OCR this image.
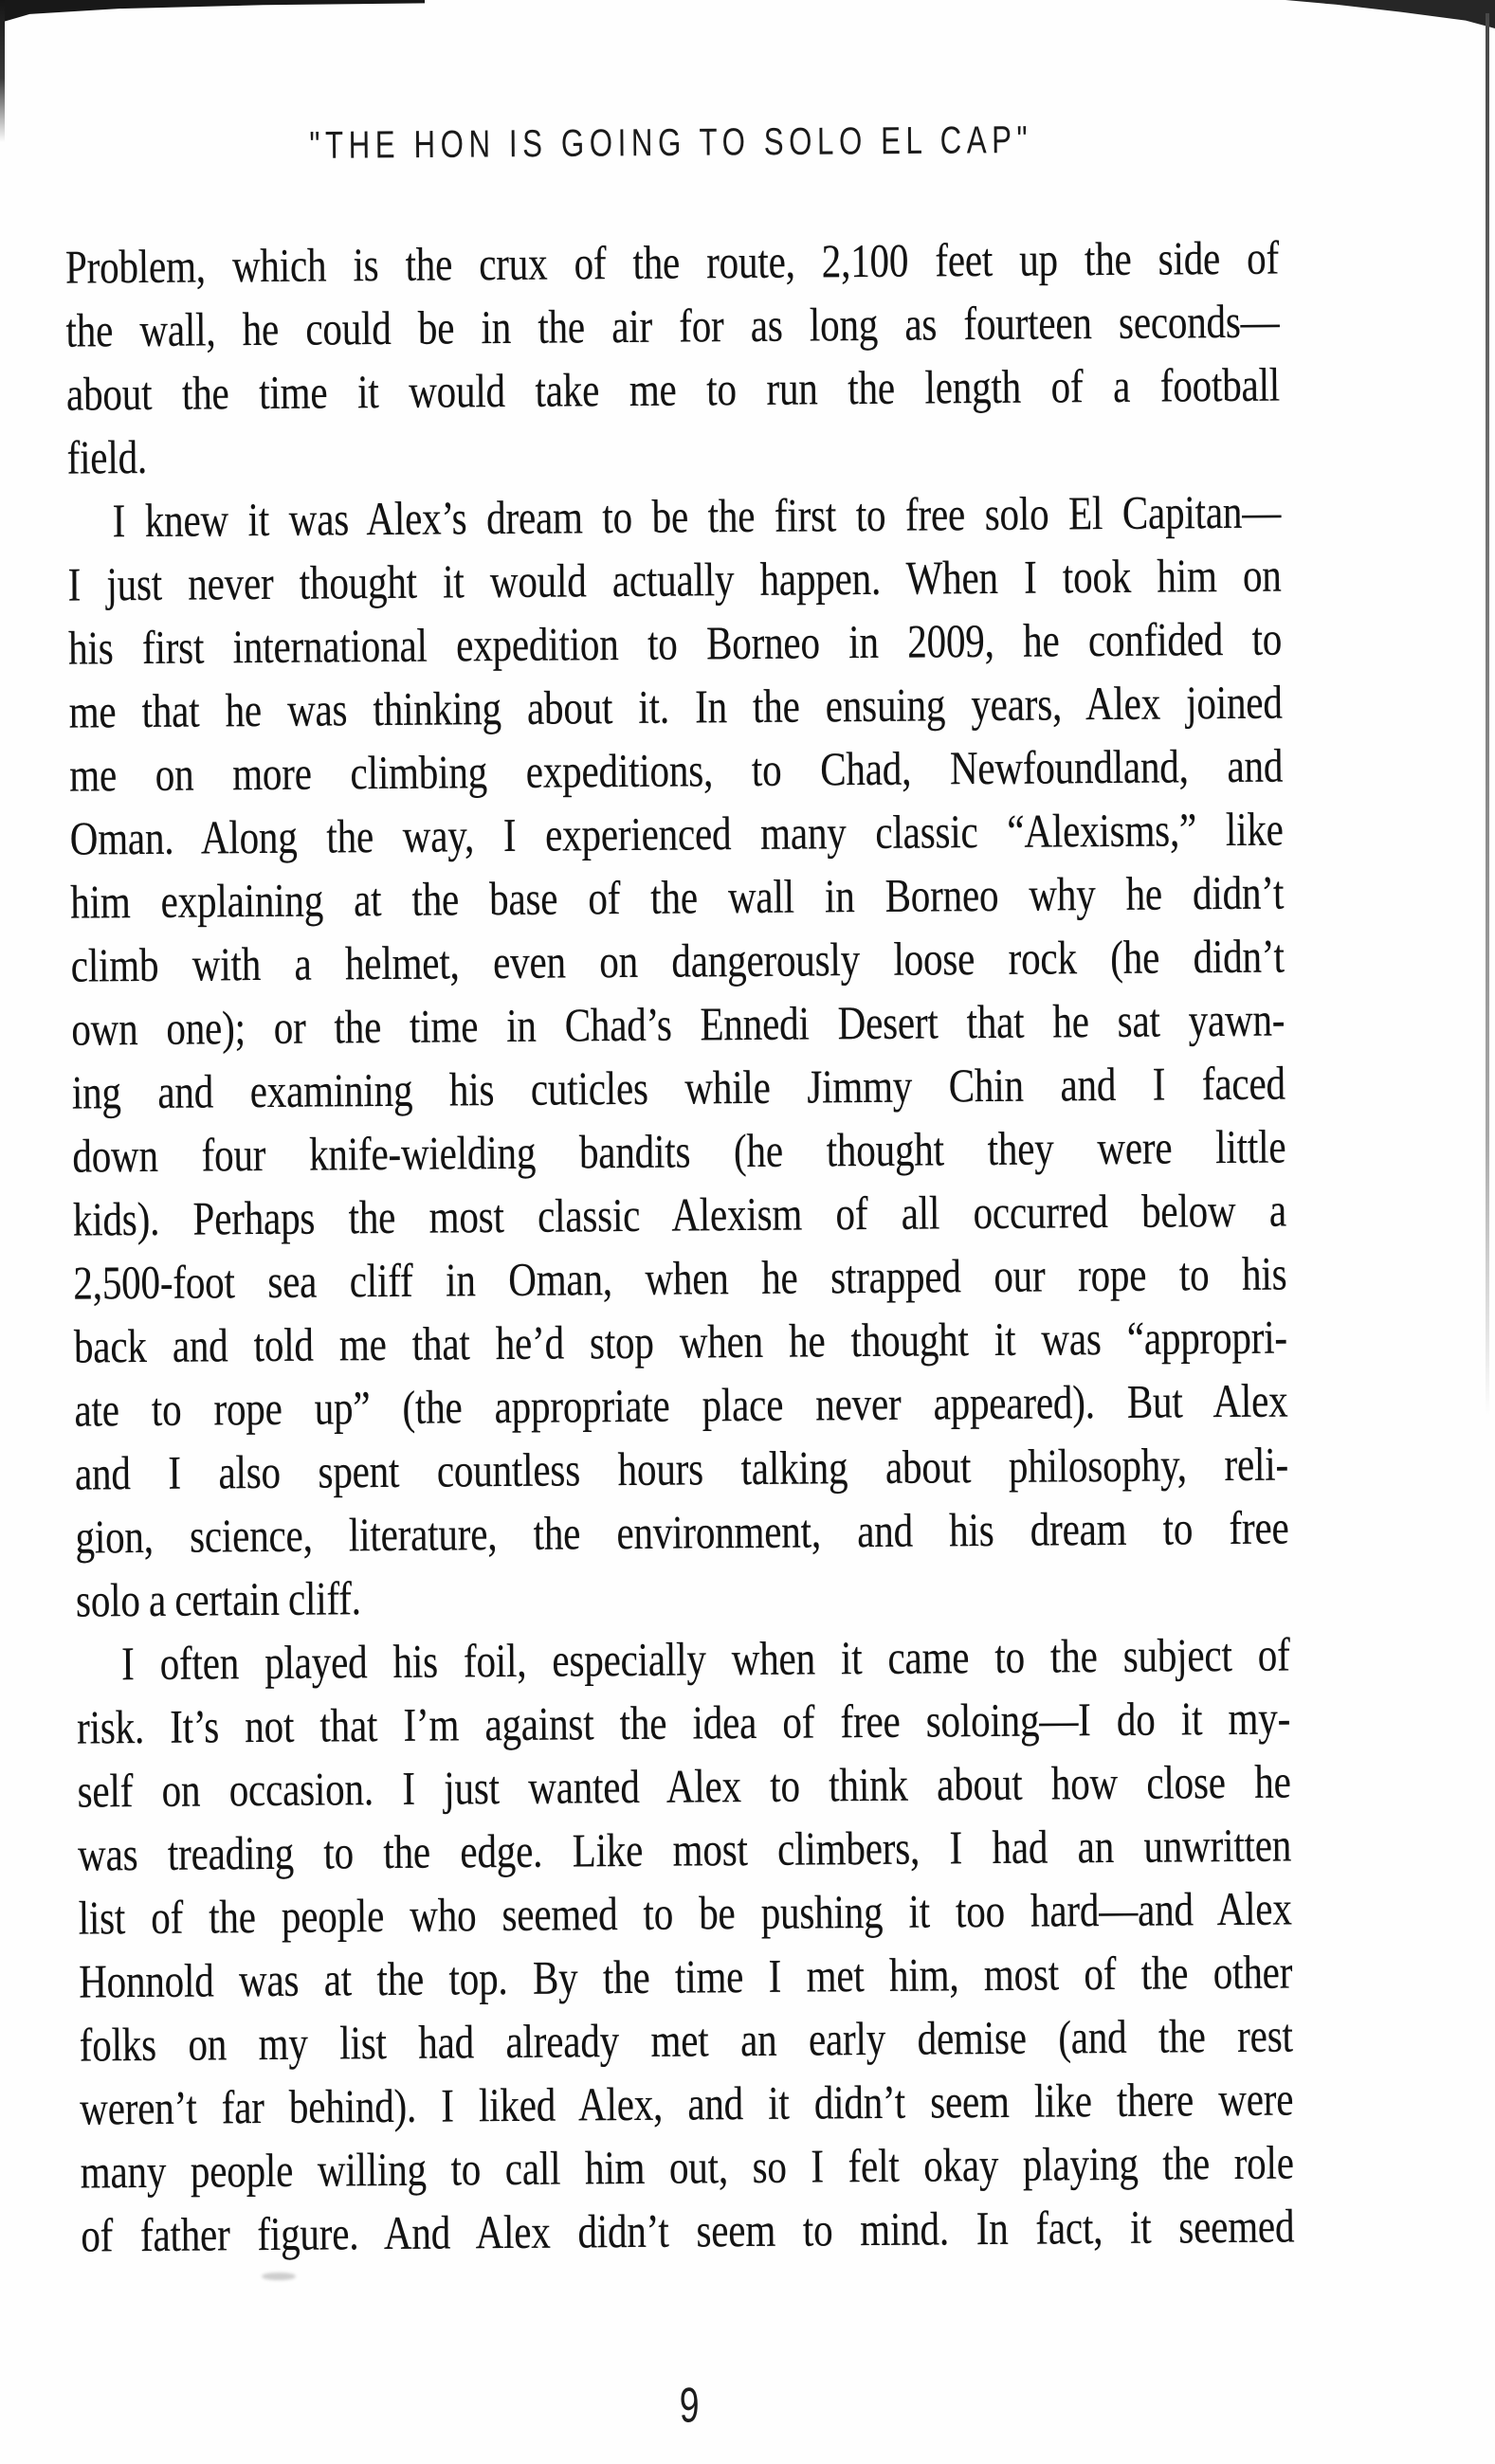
"THE HON IS GOING TO SOLO EL CAP"
Problem, which is the crux of the route, 2,100 feet up the side of
the wall, he could be in the air for as long as fourteen seconds—
about the time it would take me to run the length of a football
field.
I knew it was Alex’s dream to be the first to free solo El Capitan—
I just never thought it would actually happen. When I took him on
his first international expedition to Borneo in 2009, he confided to
me that he was thinking about it. In the ensuing years, Alex joined
me on more climbing expeditions, to Chad, Newfoundland, and
Oman. Along the way, I experienced many classic “Alexisms,” like
him explaining at the base of the wall in Borneo why he didn’t
climb with a helmet, even on dangerously loose rock (he didn’t
own one); or the time in Chad’s Ennedi Desert that he sat yawn-
ing and examining his cuticles while Jimmy Chin and I faced
down four knife-wielding bandits (he thought they were little
kids). Perhaps the most classic Alexism of all occurred below a
2,500-foot sea cliff in Oman, when he strapped our rope to his
back and told me that he’d stop when he thought it was “appropri-
ate to rope up” (the appropriate place never appeared). But Alex
and I also spent countless hours talking about philosophy, reli-
gion, science, literature, the environment, and his dream to free
solo a certain cliff.
I often played his foil, especially when it came to the subject of
risk. It’s not that I’m against the idea of free soloing—I do it my-
self on occasion. I just wanted Alex to think about how close he
was treading to the edge. Like most climbers, I had an unwritten
list of the people who seemed to be pushing it too hard—and Alex
Honnold was at the top. By the time I met him, most of the other
folks on my list had already met an early demise (and the rest
weren’t far behind). I liked Alex, and it didn’t seem like there were
many people willing to call him out, so I felt okay playing the role
of father figure. And Alex didn’t seem to mind. In fact, it seemed
9
